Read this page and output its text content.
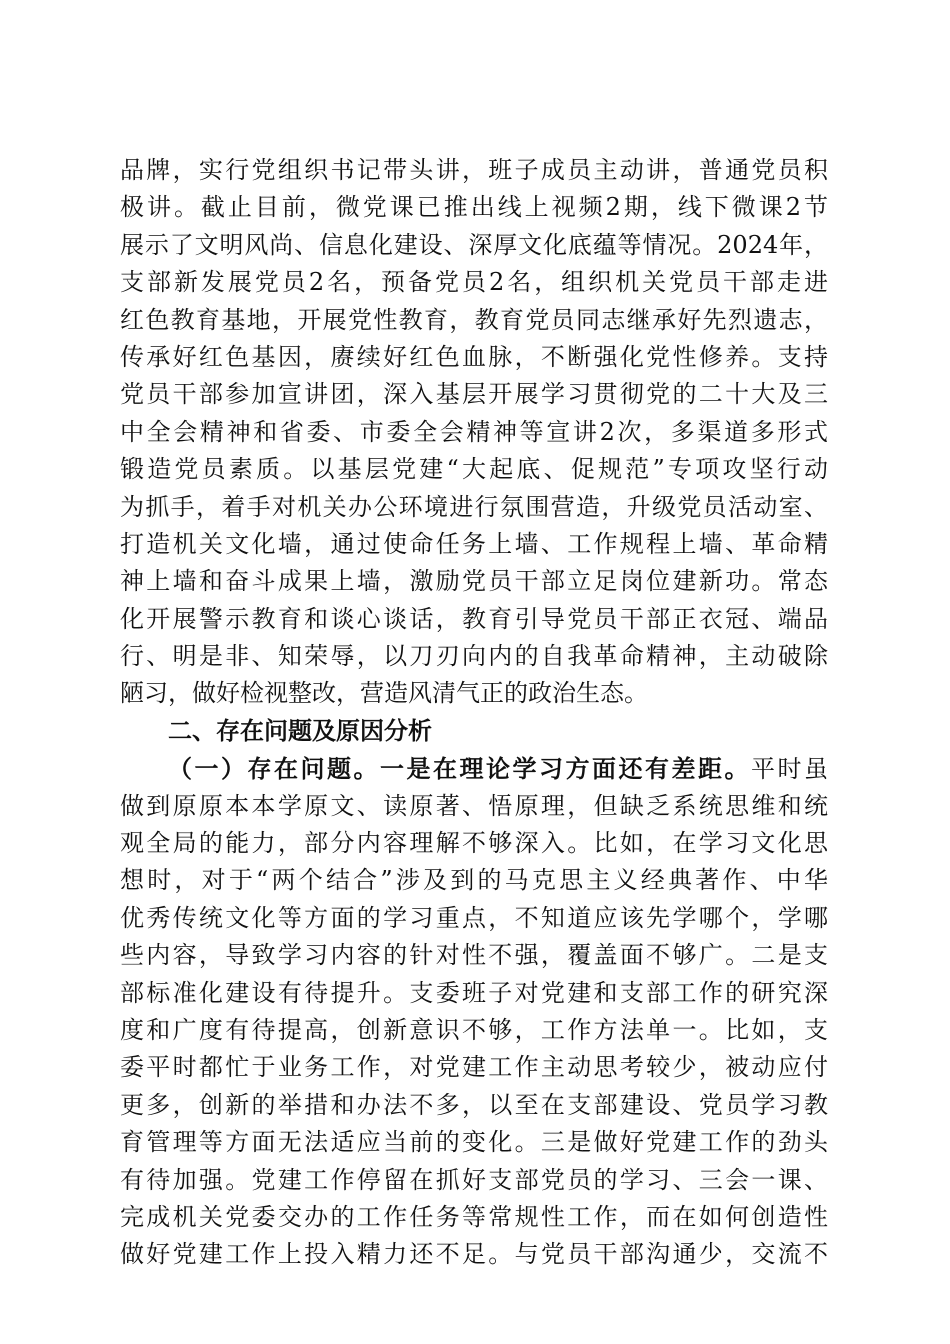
品牌，实行党组织书记带头讲，班子成员主动讲，普通党员积
极讲。截止目前，微党课已推出线上视频2期，线下微课2节
展示了文明风尚、信息化建设、深厚文化底蕴等情况。2024年，
支部新发展党员2名，预备党员2名，组织机关党员干部走进
红色教育基地，开展党性教育，教育党员同志继承好先烈遗志，
传承好红色基因，赓续好红色血脉，不断强化党性修养。支持
党员干部参加宣讲团，深入基层开展学习贯彻党的二十大及三
中全会精神和省委、市委全会精神等宣讲2次，多渠道多形式
锻造党员素质。以基层党建“大起底、促规范”专项攻坚行动
为抓手，着手对机关办公环境进行氛围营造，升级党员活动室、
打造机关文化墙，通过使命任务上墙、工作规程上墙、革命精
神上墙和奋斗成果上墙，激励党员干部立足岗位建新功。常态
化开展警示教育和谈心谈话，教育引导党员干部正衣冠、端品
行、明是非、知荣辱，以刀刃向内的自我革命精神，主动破除
陋习，做好检视整改，营造风清气正的政治生态。
二、存在问题及原因分析
（一）存在问题。一是在理论学习方面还有差距。平时虽
做到原原本本学原文、读原著、悟原理，但缺乏系统思维和统
观全局的能力，部分内容理解不够深入。比如，在学习文化思
想时，对于“两个结合”涉及到的马克思主义经典著作、中华
优秀传统文化等方面的学习重点，不知道应该先学哪个，学哪
些内容，导致学习内容的针对性不强，覆盖面不够广。二是支
部标准化建设有待提升。支委班子对党建和支部工作的研究深
度和广度有待提高，创新意识不够，工作方法单一。比如，支
委平时都忙于业务工作，对党建工作主动思考较少，被动应付
更多，创新的举措和办法不多，以至在支部建设、党员学习教
育管理等方面无法适应当前的变化。三是做好党建工作的劲头
有待加强。党建工作停留在抓好支部党员的学习、三会一课、
完成机关党委交办的工作任务等常规性工作，而在如何创造性
做好党建工作上投入精力还不足。与党员干部沟通少，交流不
